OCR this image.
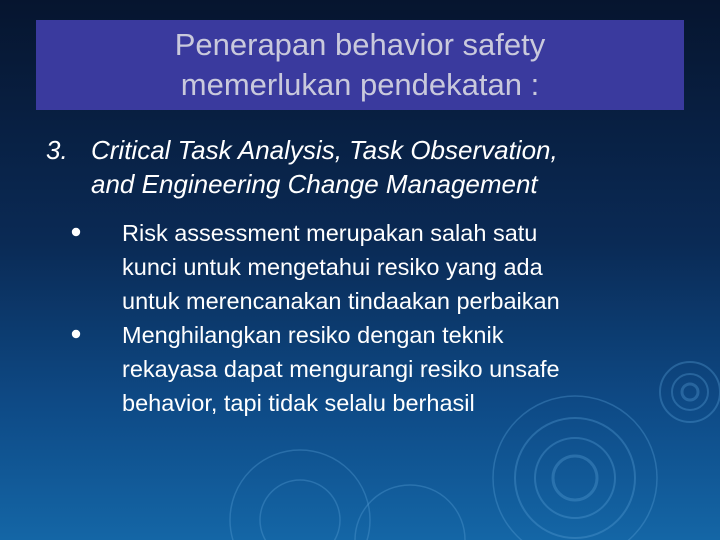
Penerapan behavior safety
memerlukan pendekatan :
3. Critical Task Analysis, Task Observation,
and Engineering Change Management
Risk assessment merupakan salah satu
kunci untuk mengetahui resiko yang ada
untuk merencanakan tindaakan perbaikan
Menghilangkan resiko dengan teknik
rekayasa dapat mengurangi resiko unsafe
behavior, tapi tidak selalu berhasil
